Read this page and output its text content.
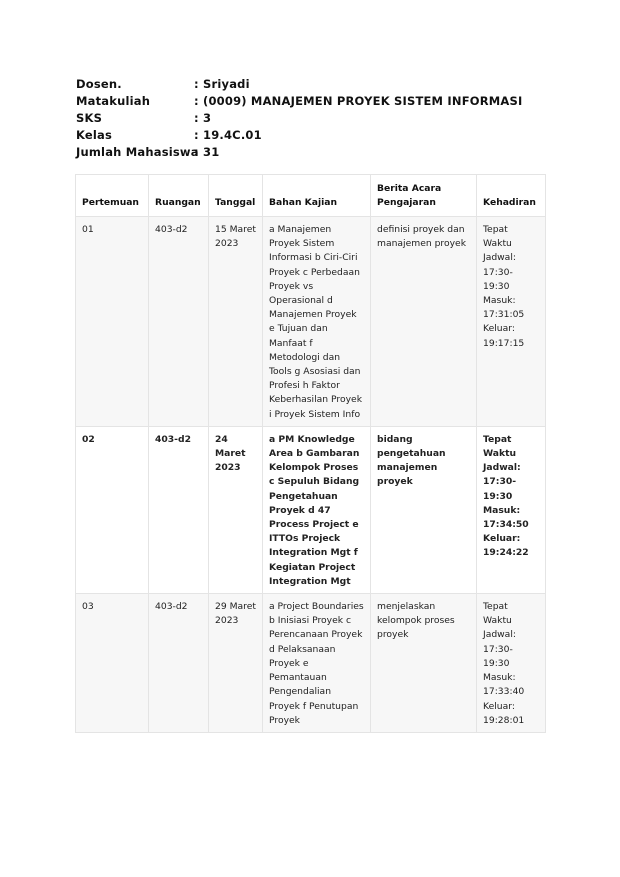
Dosen.	: Sriyadi
Matakuliah	: (0009) MANAJEMEN PROYEK SISTEM INFORMASI
SKS	: 3
Kelas	: 19.4C.01
Jumlah Mahasiswa
: 31
Pertemuan	Ruangan	Tanggal	Bahan Kajian	Berita Acara Pengajaran	Kehadiran
01	403-d2	15 Maret 2023	a Manajemen Proyek Sistem Informasi b Ciri-Ciri Proyek c Perbedaan Proyek vs Operasional d Manajemen Proyek e Tujuan dan Manfaat f Metodologi dan Tools g Asosiasi dan Profesi h Faktor Keberhasilan Proyek i Proyek Sistem Info	definisi proyek dan manajemen proyek	Tepat Waktu Jadwal: 17:30-19:30 Masuk: 17:31:05 Keluar: 19:17:15
02	403-d2	24 Maret 2023	a PM Knowledge Area b Gambaran Kelompok Proses c Sepuluh Bidang Pengetahuan Proyek d 47 Process Project e ITTOs Projeck Integration Mgt f Kegiatan Project Integration Mgt	bidang pengetahuan manajemen proyek	Tepat Waktu Jadwal: 17:30-19:30 Masuk: 17:34:50 Keluar: 19:24:22
03	403-d2	29 Maret 2023	a Project Boundaries b Inisiasi Proyek c Perencanaan Proyek d Pelaksanaan Proyek e Pemantauan Pengendalian Proyek f Penutupan Proyek	menjelaskan kelompok proses proyek	Tepat Waktu Jadwal: 17:30-19:30 Masuk: 17:33:40 Keluar: 19:28:01
